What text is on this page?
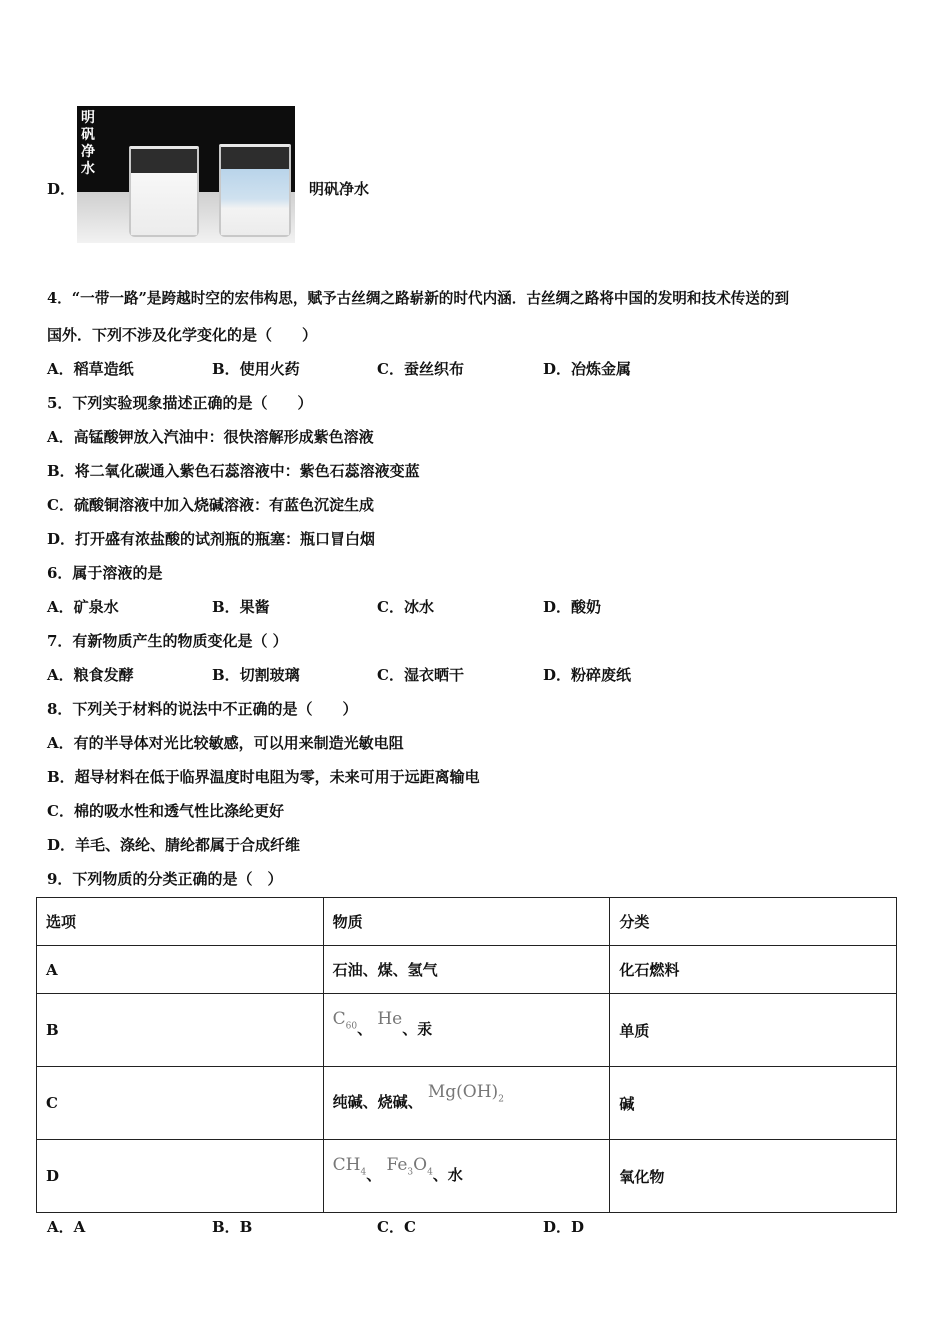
D．
明
矾
净
水
明矾净水
4．“一带一路”是跨越时空的宏伟构思，赋予古丝绸之路崭新的时代内涵．古丝绸之路将中国的发明和技术传送的到
国外．下列不涉及化学变化的是（　　）
A．稻草造纸	B．使用火药	C．蚕丝织布	D．冶炼金属
5．下列实验现象描述正确的是（　　）
A．高锰酸钾放入汽油中：很快溶解形成紫色溶液
B．将二氧化碳通入紫色石蕊溶液中：紫色石蕊溶液变蓝
C．硫酸铜溶液中加入烧碱溶液：有蓝色沉淀生成
D．打开盛有浓盐酸的试剂瓶的瓶塞：瓶口冒白烟
6．属于溶液的是
A．矿泉水	B．果酱	C．冰水	D．酸奶
7．有新物质产生的物质变化是（ ）
A．粮食发酵	B．切割玻璃	C．湿衣晒干	D．粉碎废纸
8．下列关于材料的说法中不正确的是（　　）
A．有的半导体对光比较敏感，可以用来制造光敏电阻
B．超导材料在低于临界温度时电阻为零，未来可用于远距离输电
C．棉的吸水性和透气性比涤纶更好
D．羊毛、涤纶、腈纶都属于合成纤维
9．下列物质的分类正确的是（　）
选项	物质	分类
A	石油、煤、氢气	化石燃料
B	$C_{60}$、 He、汞	单质
C	纯碱、烧碱、 $Mg(OH)_2$	碱
D	$CH_4$、 $Fe_3O_4$、水	氧化物
A．A	B．B	C．C	D．D
